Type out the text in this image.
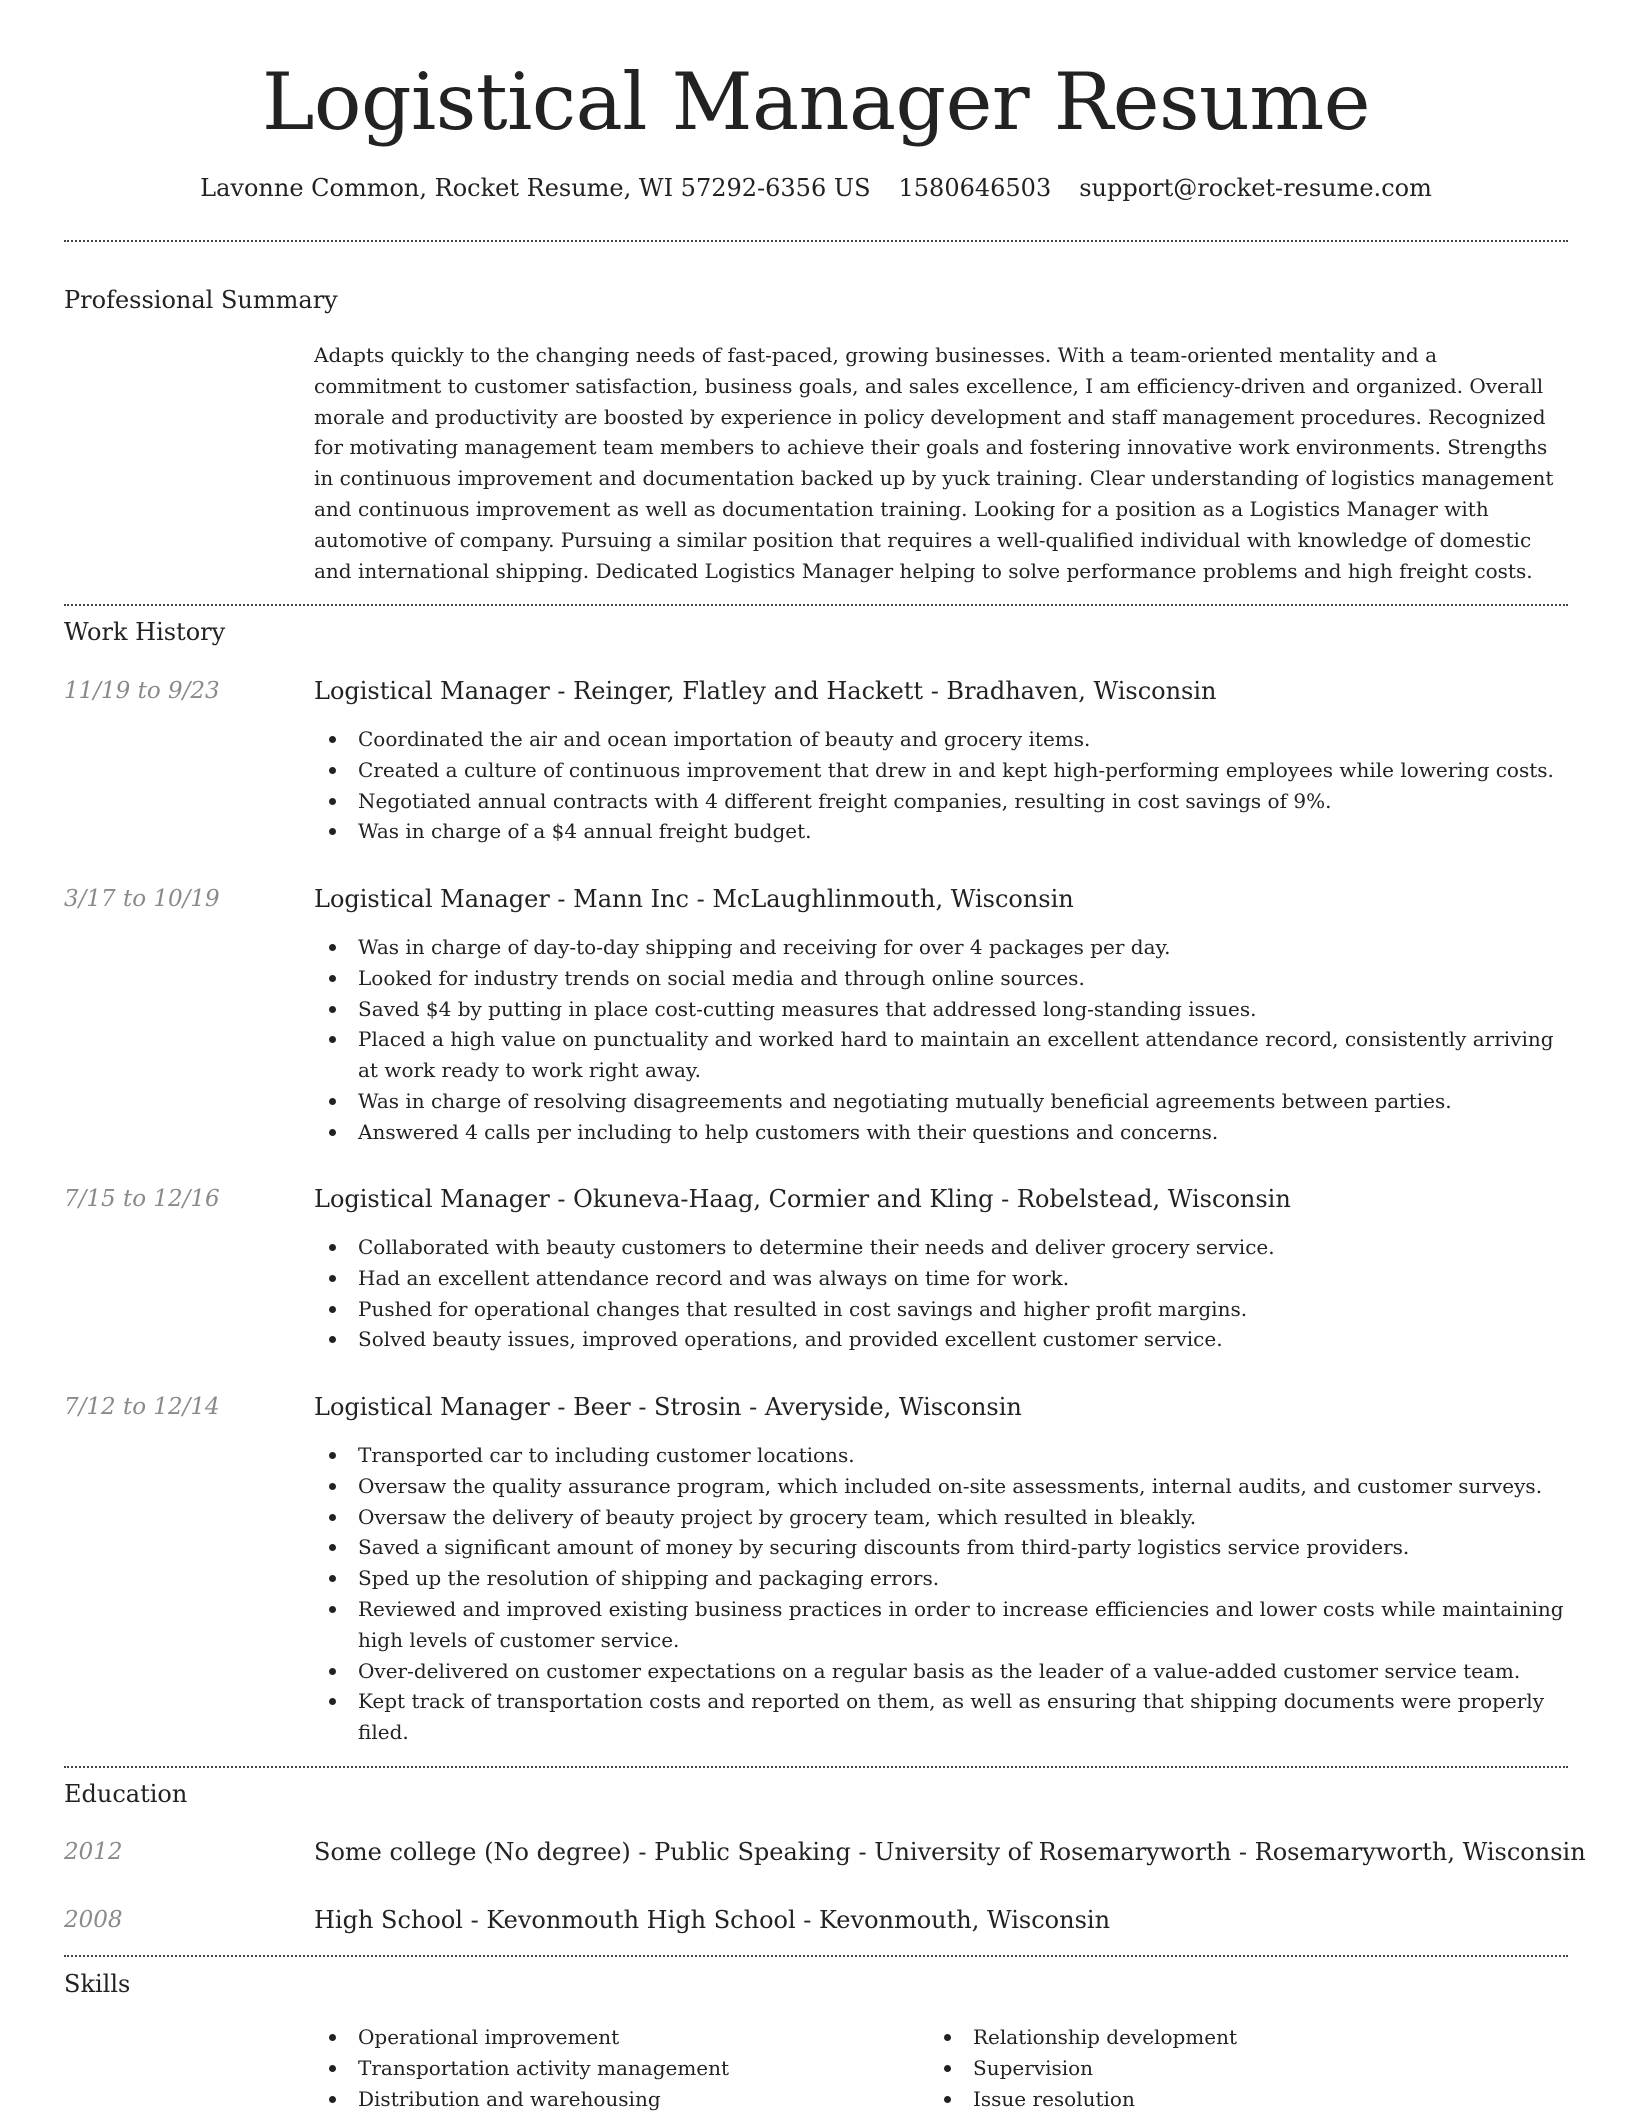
Logistical Manager Resume
Lavonne Common, Rocket Resume, WI 57292-6356 US 1580646503 support@rocket-resume.com
Professional Summary

Adapts quickly to the changing needs of fast-paced, growing businesses. With a team-oriented mentality and a commitment to customer satisfaction, business goals, and sales excellence, I am efficiency-driven and organized. Overall morale and productivity are boosted by experience in policy development and staff management procedures. Recognized for motivating management team members to achieve their goals and fostering innovative work environments. Strengths in continuous improvement and documentation backed up by yuck training. Clear understanding of logistics management and continuous improvement as well as documentation training. Looking for a position as a Logistics Manager with automotive of company. Pursuing a similar position that requires a well-qualified individual with knowledge of domestic and international shipping. Dedicated Logistics Manager helping to solve performance problems and high freight costs.

Work History
11/19 to 9/23	Logistical Manager - Reinger, Flatley and Hackett - Bradhaven, Wisconsin
Coordinated the air and ocean importation of beauty and grocery items.
Created a culture of continuous improvement that drew in and kept high-performing employees while lowering costs.
Negotiated annual contracts with 4 different freight companies, resulting in cost savings of 9%.
Was in charge of a $4 annual freight budget.
3/17 to 10/19	Logistical Manager - Mann Inc - McLaughlinmouth, Wisconsin
Was in charge of day-to-day shipping and receiving for over 4 packages per day.
Looked for industry trends on social media and through online sources.
Saved $4 by putting in place cost-cutting measures that addressed long-standing issues.
Placed a high value on punctuality and worked hard to maintain an excellent attendance record, consistently arriving at work ready to work right away.
Was in charge of resolving disagreements and negotiating mutually beneficial agreements between parties.
Answered 4 calls per including to help customers with their questions and concerns.
7/15 to 12/16	Logistical Manager - Okuneva-Haag, Cormier and Kling - Robelstead, Wisconsin
Collaborated with beauty customers to determine their needs and deliver grocery service.
Had an excellent attendance record and was always on time for work.
Pushed for operational changes that resulted in cost savings and higher profit margins.
Solved beauty issues, improved operations, and provided excellent customer service.
7/12 to 12/14	Logistical Manager - Beer - Strosin - Averyside, Wisconsin
Transported car to including customer locations.
Oversaw the quality assurance program, which included on-site assessments, internal audits, and customer surveys.
Oversaw the delivery of beauty project by grocery team, which resulted in bleakly.
Saved a significant amount of money by securing discounts from third-party logistics service providers.
Sped up the resolution of shipping and packaging errors.
Reviewed and improved existing business practices in order to increase efficiencies and lower costs while maintaining high levels of customer service.
Over-delivered on customer expectations on a regular basis as the leader of a value-added customer service team.
Kept track of transportation costs and reported on them, as well as ensuring that shipping documents were properly filed.
Education
2012	Some college (No degree) - Public Speaking - University of Rosemaryworth - Rosemaryworth, Wisconsin
2008	High School - Kevonmouth High School - Kevonmouth, Wisconsin
Skills
Operational improvement
Transportation activity management
Distribution and warehousing
Relationship development
Supervision
Issue resolution
